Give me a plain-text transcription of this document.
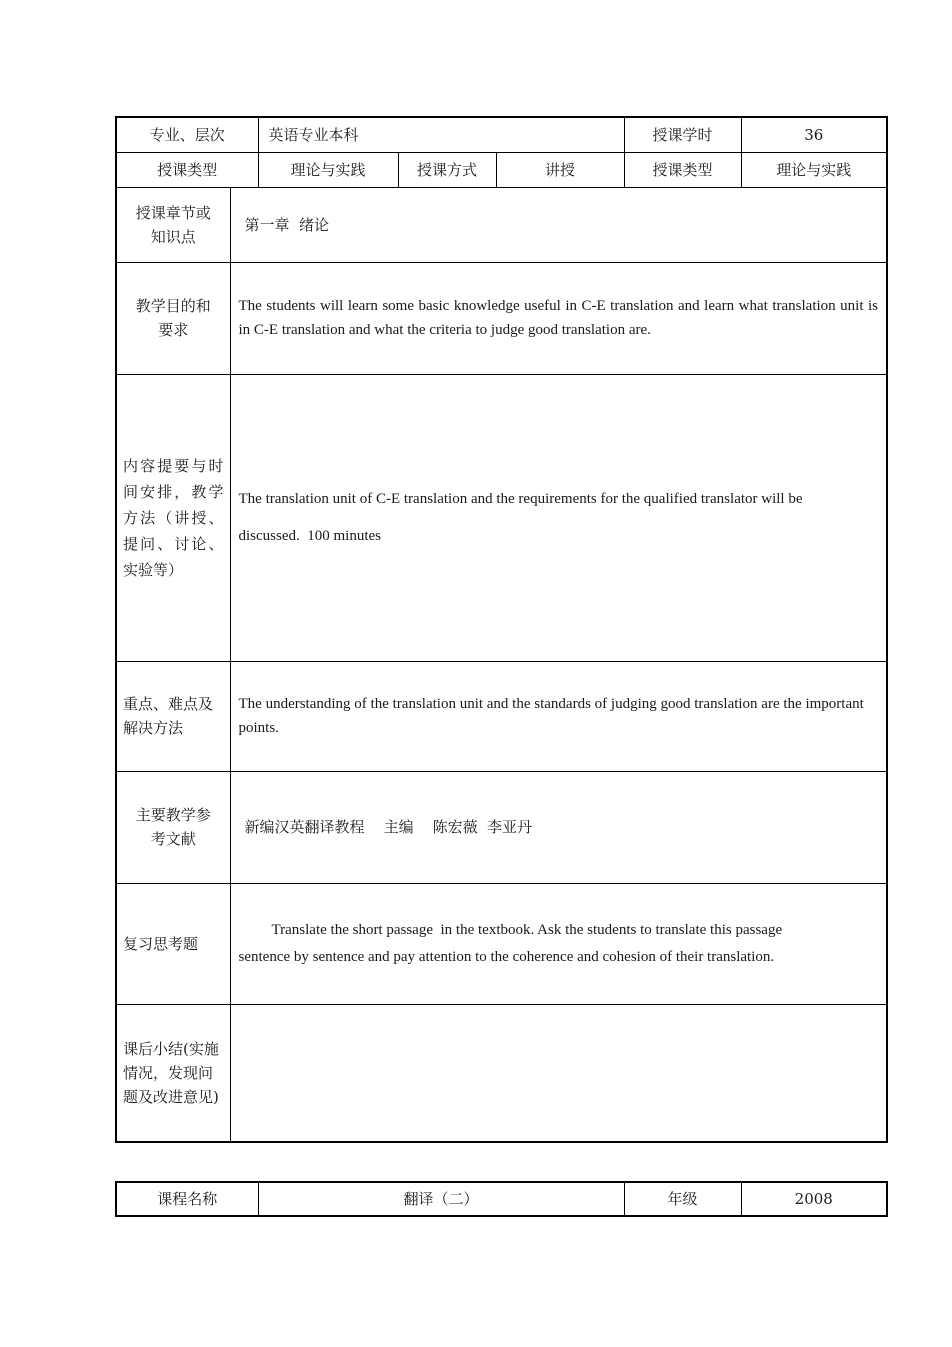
专业、层次		英语专业本科			授课学时	36
授课类型		理论与实践	授课方式	讲授	授课类型	理论与实践

授课章节或
知识点	第一章  绪论					

教学目的和
要求	The students will learn some basic knowledge useful in C-E translation and learn what translation unit is in C-E translation and what the criteria to judge good translation are.					
内容提要与时间安排，教学方法（讲授、提问、讨论、实验等）	The translation unit of C-E translation and the requirements for the qualified translator will be
discussed.  100 minutes					

重点、难点及解决方法	The understanding of the translation unit and the standards of judging good translation are the important points.					

主要教学参
考文献	新编汉英翻译教程    主编    陈宏薇  李亚丹					
复习思考题	Translate the short passage  in the textbook. Ask the students to translate this passage
sentence by sentence and pay attention to the coherence and cohesion of their translation.					

课后小结(实施情况，发现问题及改进意见)						
课程名称	翻译（二）	年级	2008
